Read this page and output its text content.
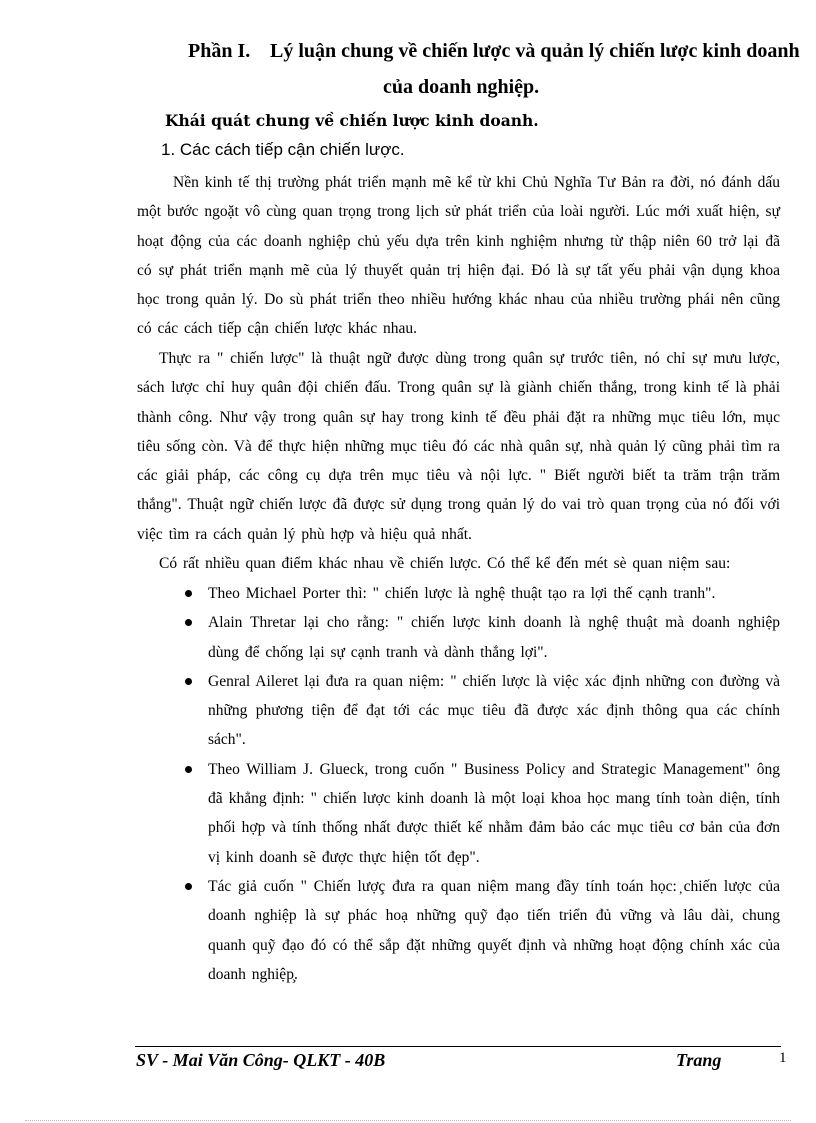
Phần I. Lý luận chung về chiến lược và quản lý chiến lược kinh doanh
của doanh nghiệp.
Khái quát chung về chiến lược kinh doanh.
1. Các cách tiếp cận chiến lược.

Nền kinh tế thị trường phát triển mạnh mẽ kể từ khi Chủ Nghĩa Tư Bản ra đời, nó đánh dấu một bước ngoặt vô cùng quan trọng trong lịch sử phát triển của loài người. Lúc mới xuất hiện, sự hoạt động của các doanh nghiệp chủ yếu dựa trên kinh nghiệm nhưng từ thập niên 60 trở lại đã có sự phát triển mạnh mẽ của lý thuyết quản trị hiện đại. Đó là sự tất yếu phải vận dụng khoa học trong quản lý. Do sù phát triển theo nhiều hướng khác nhau của nhiều trường phái nên cũng có các cách tiếp cận chiến lược khác nhau.

Thực ra " chiến lược" là thuật ngữ được dùng trong quân sự trước tiên, nó chỉ sự mưu lược, sách lược chỉ huy quân đội chiến đấu. Trong quân sự là giành chiến thắng, trong kinh tế là phải thành công. Như vậy trong quân sự hay trong kinh tế đều phải đặt ra những mục tiêu lớn, mục tiêu sống còn. Và để thực hiện những mục tiêu đó các nhà quân sự, nhà quản lý cũng phải tìm ra các giải pháp, các công cụ dựa trên mục tiêu và nội lực. " Biết người biết ta trăm trận trăm thắng". Thuật ngữ chiến lược đã được sử dụng trong quản lý do vai trò quan trọng của nó đối với việc tìm ra cách quản lý phù hợp và hiệu quả nhất.

Có rất nhiều quan điểm khác nhau về chiến lược. Có thể kể đến mét sè quan niệm sau:

Theo Michael Porter thì: " chiến lược là nghệ thuật tạo ra lợi thế cạnh tranh".
Alain Thretar lại cho rằng: " chiến lược kinh doanh là nghệ thuật mà doanh nghiệp dùng để chống lại sự cạnh tranh và dành thắng lợi".
Genral Aileret lại đưa ra quan niệm: " chiến lược là việc xác định những con đường và những phương tiện để đạt tới các mục tiêu đã được xác định thông qua các chính sách".
Theo William J. Glueck, trong cuốn " Business Policy and Strategic Management" ông đã khẳng định: " chiến lược kinh doanh là một loại khoa học mang tính toàn diện, tính phối hợp và tính thống nhất được thiết kế nhằm đảm bảo các mục tiêu cơ bản của đơn vị kinh doanh sẽ được thực hiện tốt đẹp".
Tác giả cuốn " Chiến lượç đưa ra quan niệm mang đầy tính toán học: ̦chiến lược của doanh nghiệp là sự phác hoạ những quỹ đạo tiến triển đủ vững và lâu dài, chung quanh quỹ đạo đó có thể sắp đặt những quyết định và những hoạt động chính xác của doanh nghiệp̧.
SV - Mai Văn Công- QLKT - 40B	Trang	1
